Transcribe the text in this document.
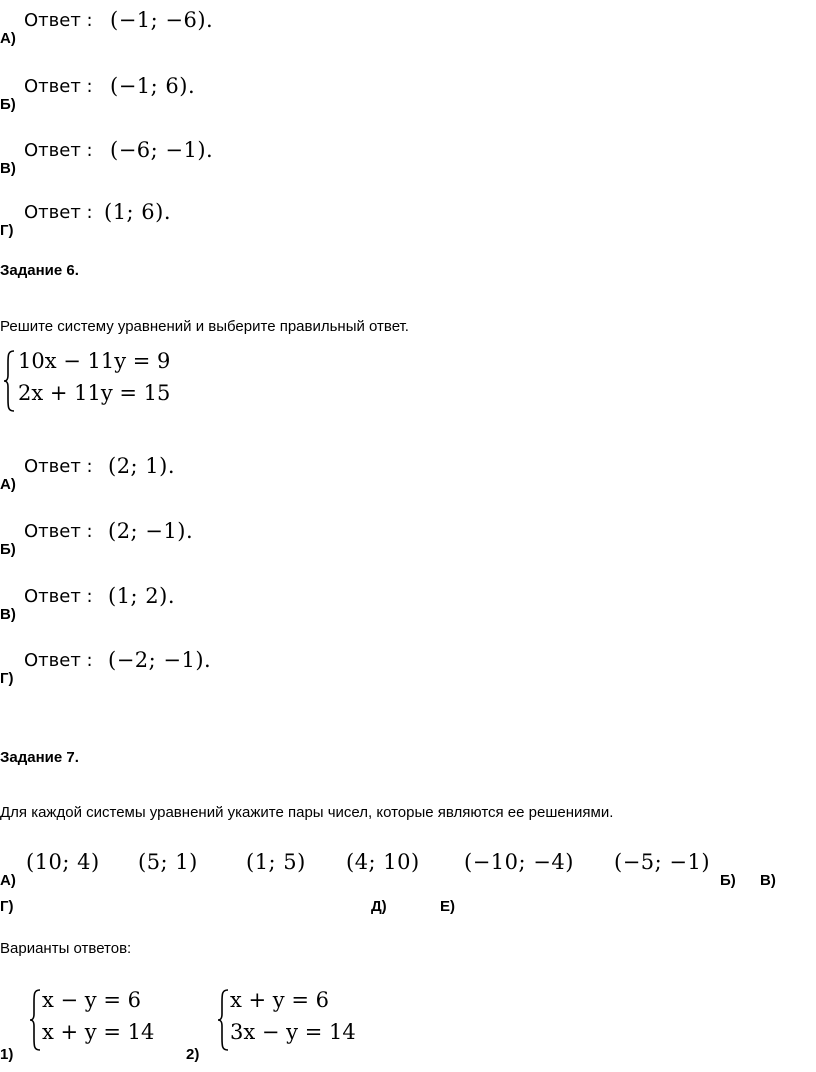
А)
Ответ : (−1; −6).
Б)
Ответ : (−1; 6).
В)
Ответ : (−6; −1).
Г)
Ответ : (1; 6).
Задание 6.
Решите систему уравнений и выберите правильный ответ.
10x − 11y = 9
2x + 11y = 15
А)
Ответ : (2; 1).
Б)
Ответ : (2; −1).
В)
Ответ : (1; 2).
Г)
Ответ : (−2; −1).
Задание 7.
Для каждой системы уравнений укажите пары чисел, которые являются ее решениями.
(10; 4) (5; 1) (1; 5) (4; 10) (−10; −4) (−5; −1)
А)	Б) В)
Г)	Д)	Е)
Варианты ответов:
x − y = 6
x + y = 14
1)
x + y = 6
3x − y = 14
2)
